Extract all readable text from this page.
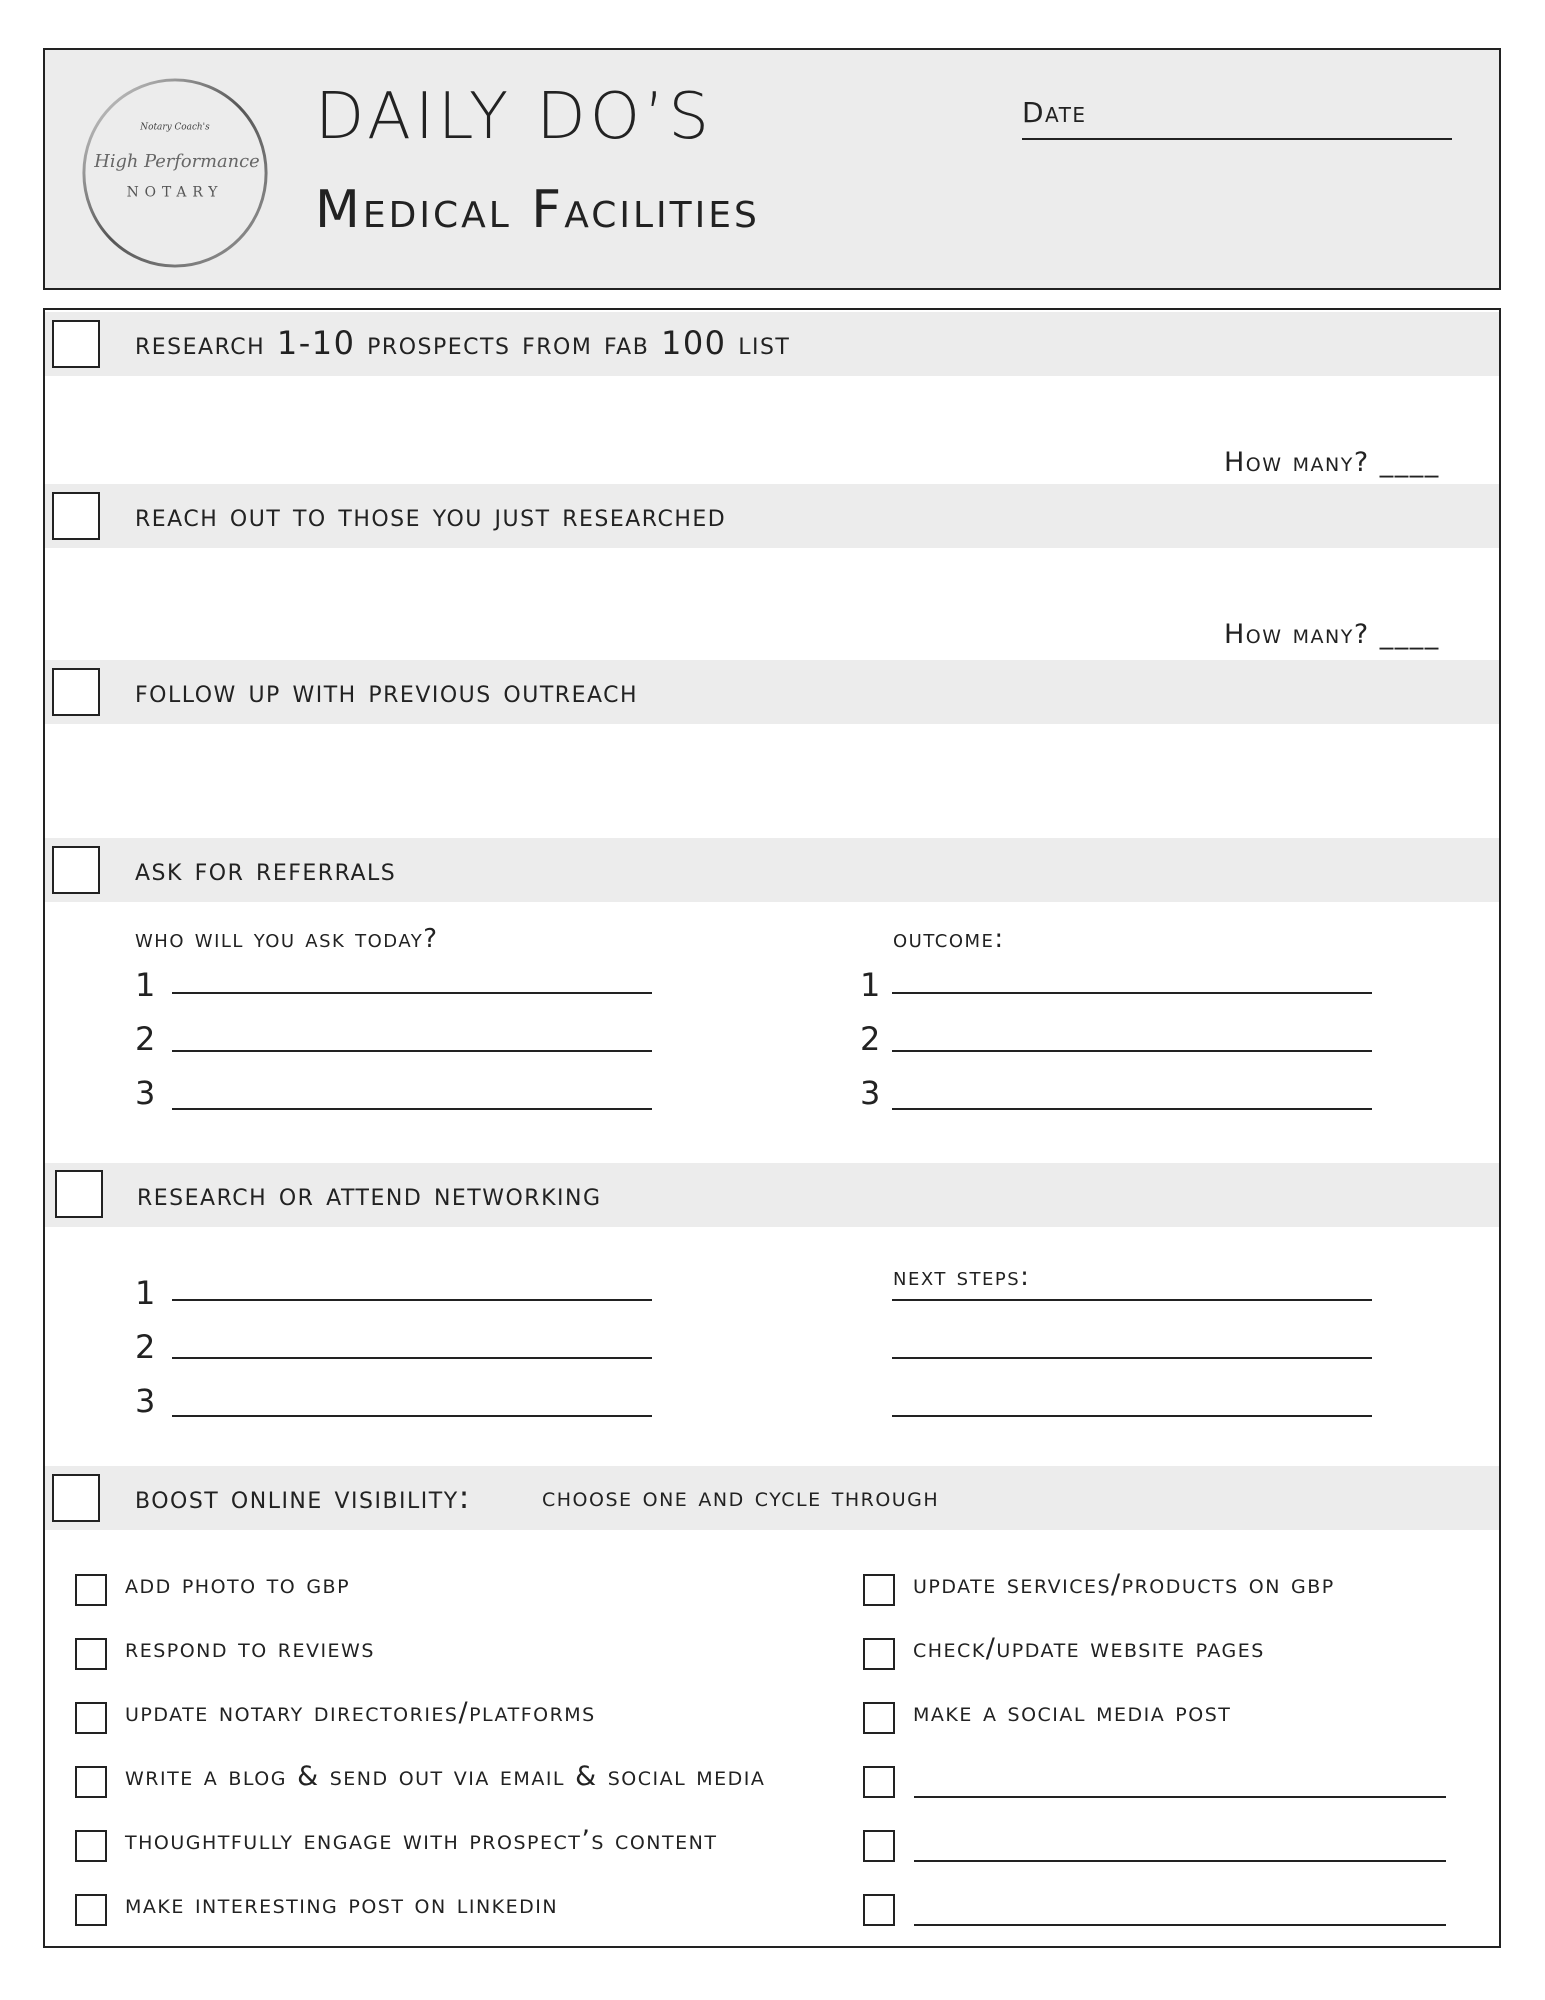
Notary Coach's
High Performance
NOTARY
DAILY DO’S
Medical Facilities
Date
research 1-10 prospects from fab 100 list
How many? ____
reach out to those you just researched
How many? ____
follow up with previous outreach
ask for referrals
who will you ask today?	outcome:
1
2
3
1
2
3
research or attend networking
next steps:
1
2
3
boost online visibility:	choose one and cycle through
add photo to gbp
respond to reviews
update notary directories/platforms
write a blog & send out via email & social media
thoughtfully engage with prospect’s content
make interesting post on linkedin
update services/products on gbp
check/update website pages
make a social media post
